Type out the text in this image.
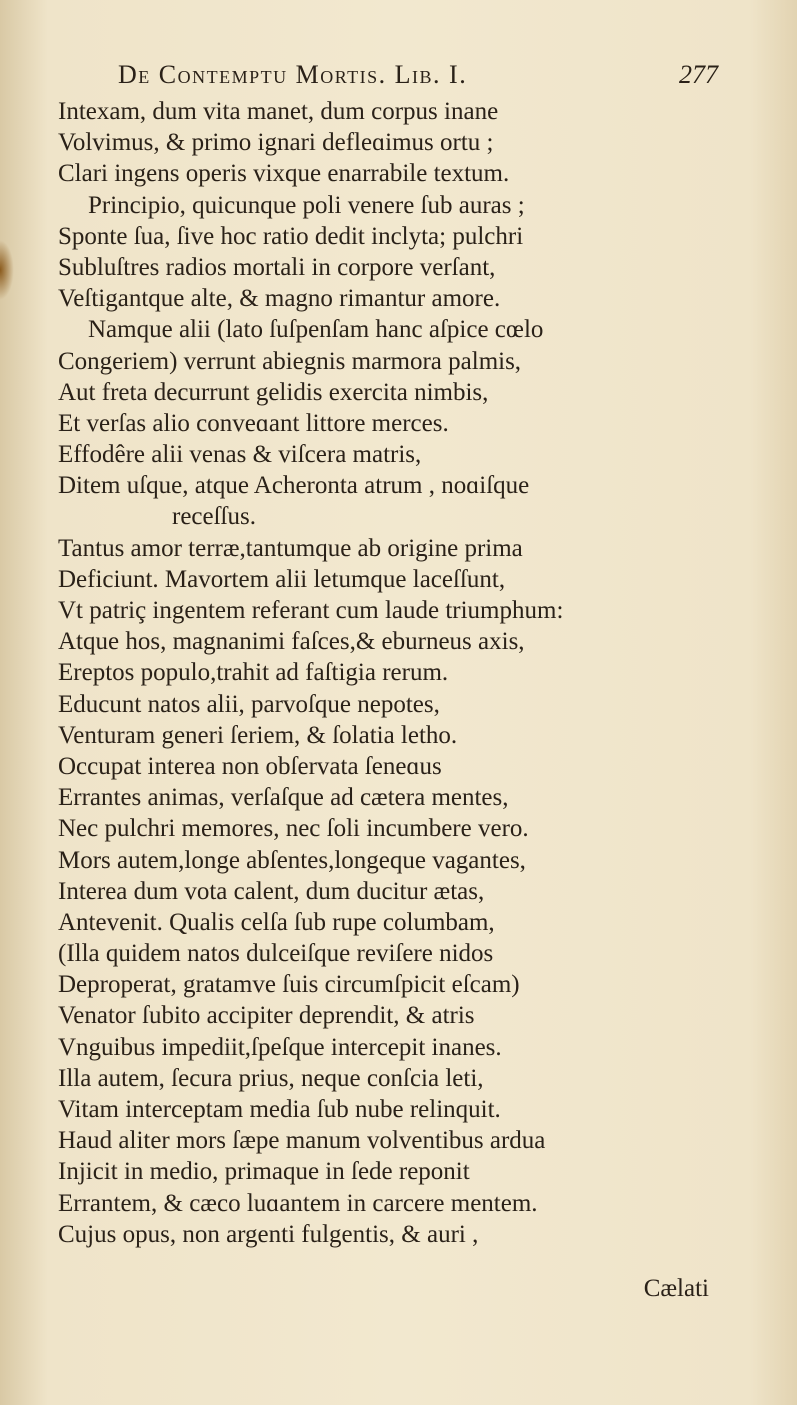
De Contemptu Mortis. Lib. I.	277
Intexam, dum vita manet, dum corpus inane
Volvimus, & primo ignari defleɑimus ortu ;
Clari ingens operis vixque enarrabile textum.
Principio, quicunque poli venere ſub auras ;
Sponte ſua, ſive hoc ratio dedit inclyta; pulchri
Subluſtres radios mortali in corpore verſant,
Veſtigantque alte, & magno rimantur amore.
Namque alii (lato ſuſpenſam hanc aſpice cœlo
Congeriem) verrunt abiegnis marmora palmis,
Aut freta decurrunt gelidis exercita nimbis,
Et verſas alio conveɑant littore merces.
Effodêre alii venas & viſcera matris,
Ditem uſque, atque Acheronta atrum , noɑiſque
receſſus.
Tantus amor terræ,tantumque ab origine prima
Deficiunt. Mavortem alii letumque laceſſunt,
Vt patriç ingentem referant cum laude triumphum:
Atque hos, magnanimi faſces,& eburneus axis,
Ereptos populo,trahit ad faſtigia rerum.
Educunt natos alii, parvoſque nepotes,
Venturam generi ſeriem, & ſolatia letho.
Occupat interea non obſervata ſeneɑus
Errantes animas, verſaſque ad cætera mentes,
Nec pulchri memores, nec ſoli incumbere vero.
Mors autem,longe abſentes,longeque vagantes,
Interea dum vota calent, dum ducitur ætas,
Antevenit. Qualis celſa ſub rupe columbam,
(Illa quidem natos dulceiſque reviſere nidos
Deproperat, gratamve ſuis circumſpicit eſcam)
Venator ſubito accipiter deprendit, & atris
Vnguibus impediit,ſpeſque intercepit inanes.
Illa autem, ſecura prius, neque conſcia leti,
Vitam interceptam media ſub nube relinquit.
Haud aliter mors ſæpe manum volventibus ardua
Injicit in medio, primaque in ſede reponit
Errantem, & cæco luɑantem in carcere mentem.
Cujus opus, non argenti fulgentis, & auri ,
Cælati
